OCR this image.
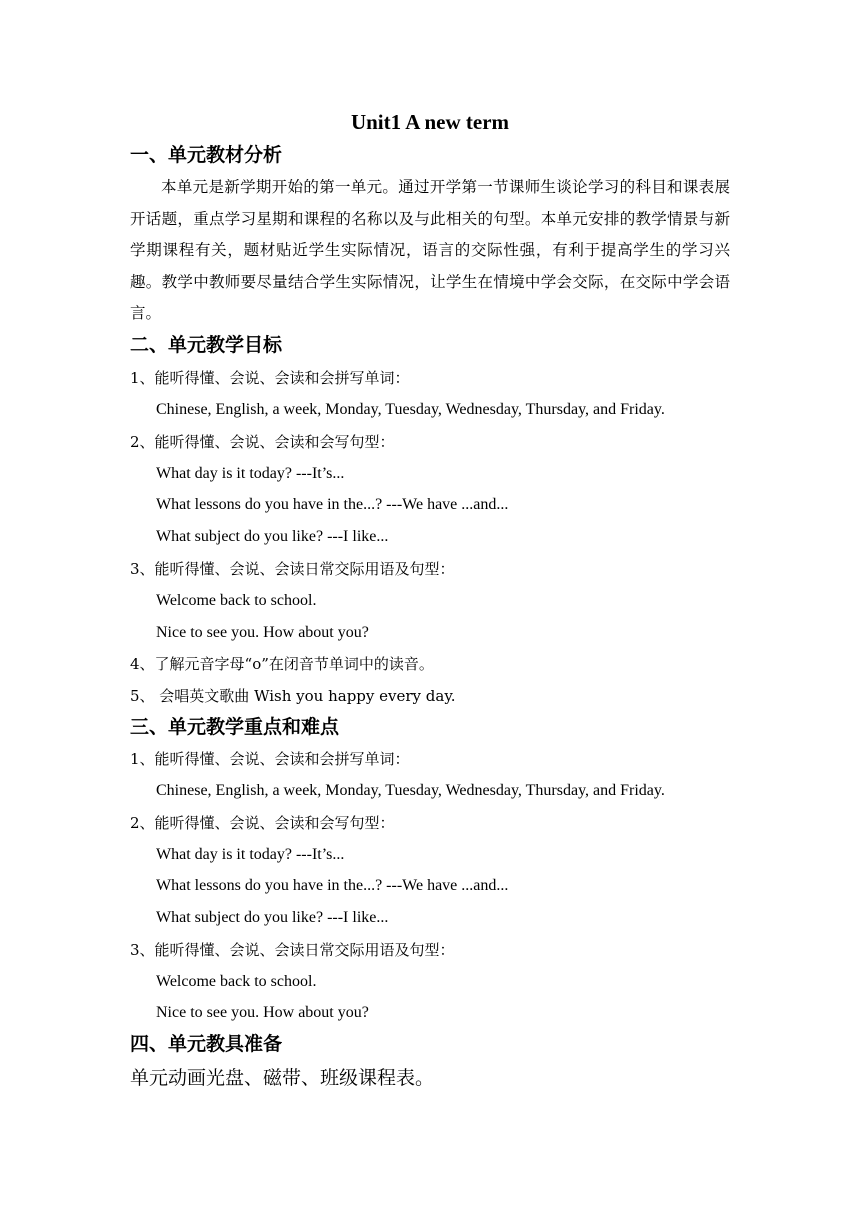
Unit1 A new term
一、单元教材分析
本单元是新学期开始的第一单元。通过开学第一节课师生谈论学习的科目和课表展开话题，重点学习星期和课程的名称以及与此相关的句型。本单元安排的教学情景与新学期课程有关，题材贴近学生实际情况，语言的交际性强，有利于提高学生的学习兴趣。教学中教师要尽量结合学生实际情况，让学生在情境中学会交际，在交际中学会语言。
二、单元教学目标
1、能听得懂、会说、会读和会拼写单词：
Chinese, English, a week, Monday, Tuesday, Wednesday, Thursday, and Friday.
2、能听得懂、会说、会读和会写句型：
What day is it today? ---It’s...
What lessons do you have in the...? ---We have ...and...
What subject do you like? ---I like...
3、能听得懂、会说、会读日常交际用语及句型：
Welcome back to school.
Nice to see you. How about you?
4、了解元音字母“o”在闭音节单词中的读音。
5、 会唱英文歌曲 Wish you happy every day.
三、单元教学重点和难点
1、能听得懂、会说、会读和会拼写单词：
Chinese, English, a week, Monday, Tuesday, Wednesday, Thursday, and Friday.
2、能听得懂、会说、会读和会写句型：
What day is it today? ---It’s...
What lessons do you have in the...? ---We have ...and...
What subject do you like? ---I like...
3、能听得懂、会说、会读日常交际用语及句型：
Welcome back to school.
Nice to see you. How about you?
四、单元教具准备
单元动画光盘、磁带、班级课程表。
